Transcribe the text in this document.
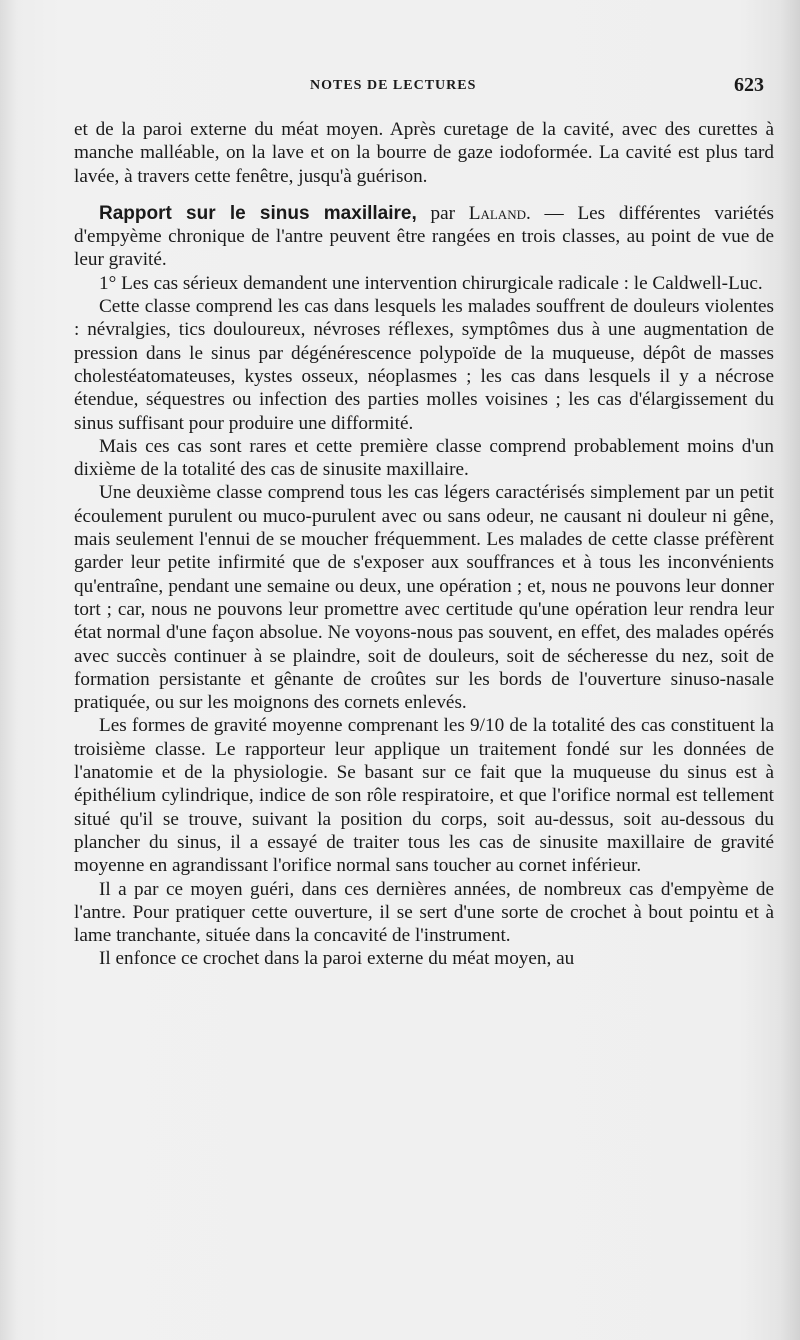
NOTES DE LECTURES	623

et de la paroi externe du méat moyen. Après curetage de la cavité, avec des curettes à manche malléable, on la lave et on la bourre de gaze iodoformée. La cavité est plus tard lavée, à travers cette fenêtre, jusqu'à guérison.

Rapport sur le sinus maxillaire, par Laland. — Les différentes variétés d'empyème chronique de l'antre peuvent être rangées en trois classes, au point de vue de leur gravité.

1° Les cas sérieux demandent une intervention chirurgicale radicale : le Caldwell-Luc.

Cette classe comprend les cas dans lesquels les malades souffrent de douleurs violentes : névralgies, tics douloureux, névroses réflexes, symptômes dus à une augmentation de pression dans le sinus par dégénérescence polypoïde de la muqueuse, dépôt de masses cholestéatomateuses, kystes osseux, néoplasmes ; les cas dans lesquels il y a nécrose étendue, séquestres ou infection des parties molles voisines ; les cas d'élargissement du sinus suffisant pour produire une difformité.

Mais ces cas sont rares et cette première classe comprend probablement moins d'un dixième de la totalité des cas de sinusite maxillaire.

Une deuxième classe comprend tous les cas légers caractérisés simplement par un petit écoulement purulent ou muco-purulent avec ou sans odeur, ne causant ni douleur ni gêne, mais seulement l'ennui de se moucher fréquemment. Les malades de cette classe préfèrent garder leur petite infirmité que de s'exposer aux souffrances et à tous les inconvénients qu'entraîne, pendant une semaine ou deux, une opération ; et, nous ne pouvons leur donner tort ; car, nous ne pouvons leur promettre avec certitude qu'une opération leur rendra leur état normal d'une façon absolue. Ne voyons-nous pas souvent, en effet, des malades opérés avec succès continuer à se plaindre, soit de douleurs, soit de sécheresse du nez, soit de formation persistante et gênante de croûtes sur les bords de l'ouverture sinuso-nasale pratiquée, ou sur les moignons des cornets enlevés.

Les formes de gravité moyenne comprenant les 9/10 de la totalité des cas constituent la troisième classe. Le rapporteur leur applique un traitement fondé sur les données de l'anatomie et de la physiologie. Se basant sur ce fait que la muqueuse du sinus est à épithélium cylindrique, indice de son rôle respiratoire, et que l'orifice normal est tellement situé qu'il se trouve, suivant la position du corps, soit au-dessus, soit au-dessous du plancher du sinus, il a essayé de traiter tous les cas de sinusite maxillaire de gravité moyenne en agrandissant l'orifice normal sans toucher au cornet inférieur.

Il a par ce moyen guéri, dans ces dernières années, de nombreux cas d'empyème de l'antre. Pour pratiquer cette ouverture, il se sert d'une sorte de crochet à bout pointu et à lame tranchante, située dans la concavité de l'instrument.

Il enfonce ce crochet dans la paroi externe du méat moyen, au
